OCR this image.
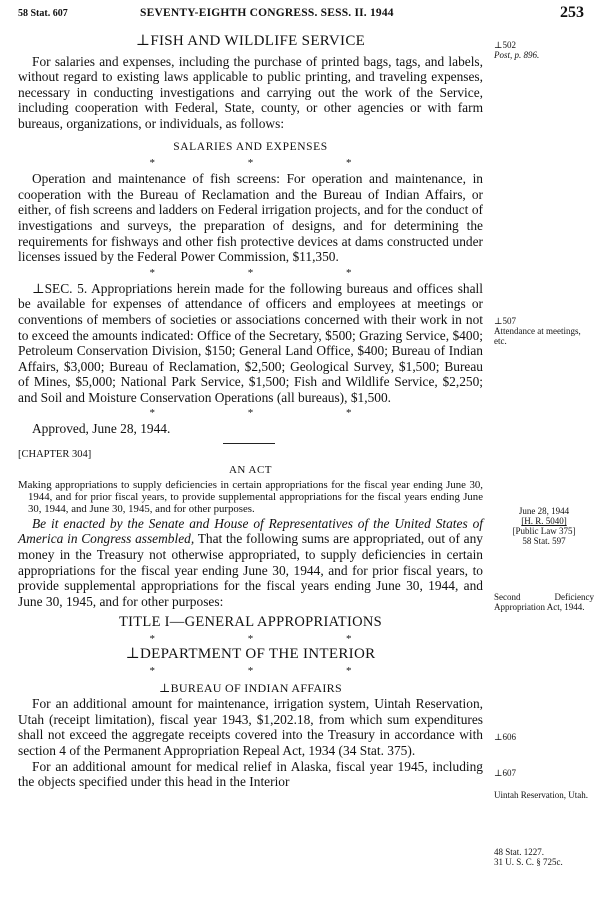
58 Stat. 607	SEVENTY-EIGHTH CONGRESS. SESS. II. 1944	253
⊥FISH AND WILDLIFE SERVICE

For salaries and expenses, including the purchase of printed bags, tags, and labels, without regard to existing laws applicable to public printing, and traveling expenses, necessary in conducting investigations and carrying out the work of the Service, including cooperation with Federal, State, county, or other agencies or with farm bureaus, organizations, or individuals, as follows:

SALARIES AND EXPENSES
* * *

Operation and maintenance of fish screens: For operation and maintenance, in cooperation with the Bureau of Reclamation and the Bureau of Indian Affairs, or either, of fish screens and ladders on Federal irrigation projects, and for the conduct of investigations and surveys, the preparation of designs, and for determining the requirements for fishways and other fish protective devices at dams constructed under licenses issued by the Federal Power Commission, $11,350.

* * *

⊥SEC. 5. Appropriations herein made for the following bureaus and offices shall be available for expenses of attendance of officers and employees at meetings or conventions of members of societies or associations concerned with their work in not to exceed the amounts indicated: Office of the Secretary, $500; Grazing Service, $400; Petroleum Conservation Division, $150; General Land Office, $400; Bureau of Indian Affairs, $3,000; Bureau of Reclamation, $2,500; Geological Survey, $1,500; Bureau of Mines, $5,000; National Park Service, $1,500; Fish and Wildlife Service, $2,250; and Soil and Moisture Conservation Operations (all bureaus), $1,500.

* * *

Approved, June 28, 1944.

[CHAPTER 304]
AN ACT

Making appropriations to supply deficiencies in certain appropriations for the fiscal year ending June 30, 1944, and for prior fiscal years, to provide supplemental appropriations for the fiscal years ending June 30, 1944, and June 30, 1945, and for other purposes.

Be it enacted by the Senate and House of Representatives of the United States of America in Congress assembled, That the following sums are appropriated, out of any money in the Treasury not otherwise appropriated, to supply deficiencies in certain appropriations for the fiscal year ending June 30, 1944, and for prior fiscal years, to provide supplemental appropriations for the fiscal years ending June 30, 1944, and June 30, 1945, and for other purposes:

TITLE I—GENERAL APPROPRIATIONS
* * *
⊥DEPARTMENT OF THE INTERIOR
* * *
⊥BUREAU OF INDIAN AFFAIRS

For an additional amount for maintenance, irrigation system, Uintah Reservation, Utah (receipt limitation), fiscal year 1943, $1,202.18, from which sum expenditures shall not exceed the aggregate receipts covered into the Treasury in accordance with section 4 of the Permanent Appropriation Repeal Act, 1934 (34 Stat. 375).

For an additional amount for medical relief in Alaska, fiscal year 1945, including the objects specified under this head in the Interior

⊥502
Post, p. 896.
⊥507
Attendance at meetings, etc.
June 28, 1944
[H. R. 5040]
[Public Law 375]
58 Stat. 597
Second Deficiency Appropriation Act, 1944.
⊥606
⊥607
Uintah Reservation, Utah.
48 Stat. 1227.
31 U. S. C. § 725c.
